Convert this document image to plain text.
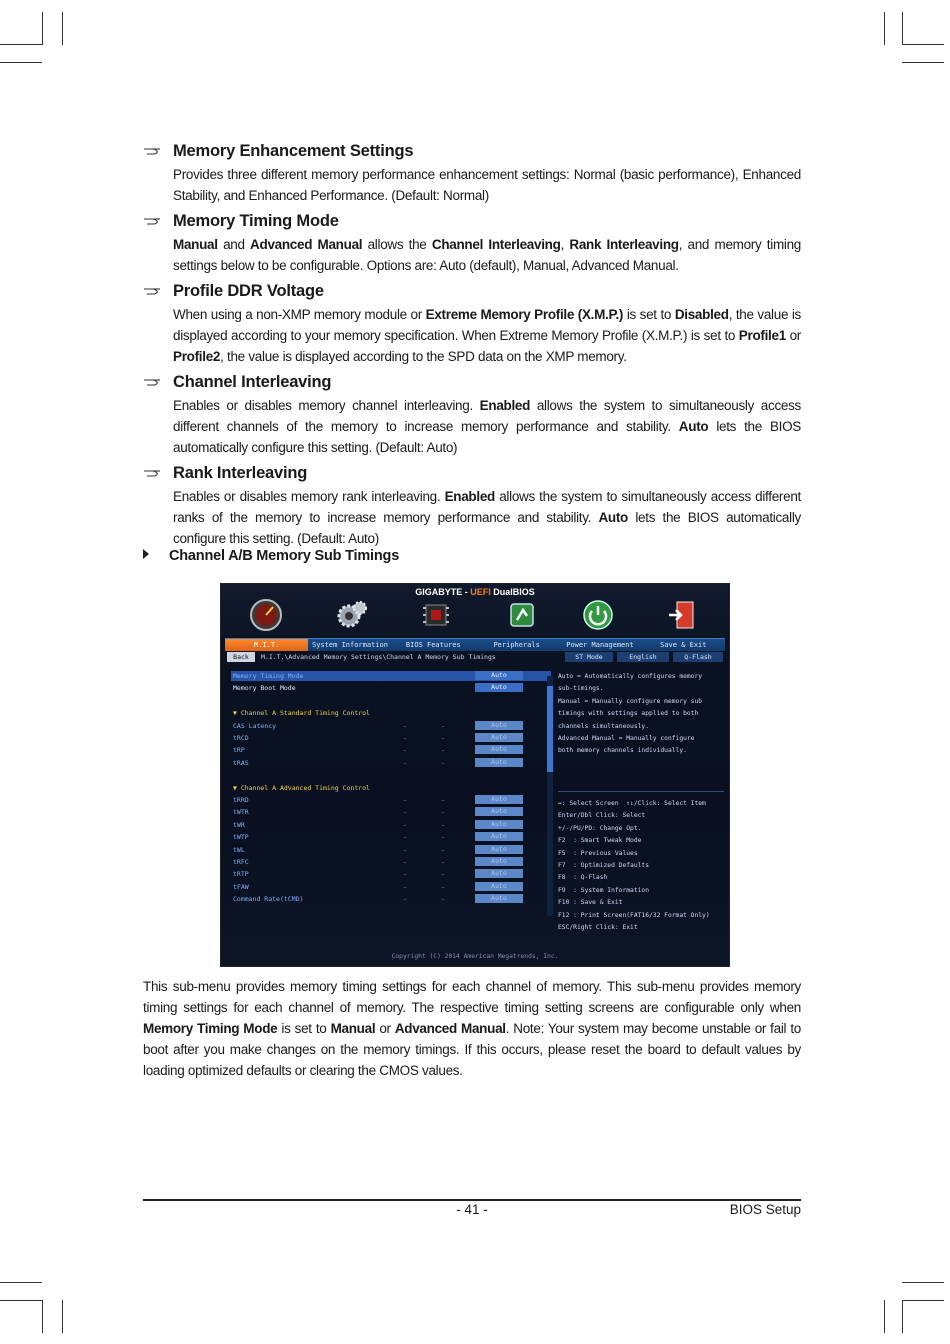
Memory Enhancement Settings
Provides three different memory performance enhancement settings: Normal (basic performance), Enhanced Stability, and Enhanced Performance. (Default: Normal)
Memory Timing Mode
Manual and Advanced Manual allows the Channel Interleaving, Rank Interleaving, and memory timing settings below to be configurable. Options are: Auto (default), Manual, Advanced Manual.
Profile DDR Voltage
When using a non-XMP memory module or Extreme Memory Profile (X.M.P.) is set to Disabled, the value is displayed according to your memory specification. When Extreme Memory Profile (X.M.P.) is set to Profile1 or Profile2, the value is displayed according to the SPD data on the XMP memory.
Channel Interleaving
Enables or disables memory channel interleaving. Enabled allows the system to simultaneously access different channels of the memory to increase memory performance and stability. Auto lets the BIOS automatically configure this setting. (Default: Auto)
Rank Interleaving
Enables or disables memory rank interleaving. Enabled allows the system to simultaneously access different ranks of the memory to increase memory performance and stability. Auto lets the BIOS automatically configure this setting. (Default: Auto)
Channel A/B Memory Sub Timings
GIGABYTE - UEFI DualBIOS
M.I.T.	System Information	BIOS Features	Peripherals	Power Management	Save & Exit
Back	M.I.T.\Advanced Memory Settings\Channel A Memory Sub Timings	ST Mode	English	Q-Flash
Memory Timing Mode	Auto
Memory Boot Mode	Auto
▼ Channel A Standard Timing Control
CAS Latency	-	-	Auto
tRCD	-	-	Auto
tRP	-	-	Auto
tRAS	-	-	Auto
▼ Channel A Advanced Timing Control
tRRD	-	-	Auto
tWTR	-	-	Auto
tWR	-	-	Auto
tWTP	-	-	Auto
tWL	-	-	Auto
tRFC	-	-	Auto
tRTP	-	-	Auto
tFAW	-	-	Auto
Command Rate(tCMD)	-	-	Auto
Auto = Automatically configures memory
sub-timings.
Manual = Manually configure memory sub
timings with settings applied to both
channels simultaneously.
Advanced Manual = Manually configure
both memory channels individually.
↔: Select Screen  ↑↓/Click: Select Item
Enter/Dbl Click: Select
+/-/PU/PD: Change Opt.
F2  : Smart Tweak Mode
F5  : Previous Values
F7  : Optimized Defaults
F8  : Q-Flash
F9  : System Information
F10 : Save & Exit
F12 : Print Screen(FAT16/32 Format Only)
ESC/Right Click: Exit
Copyright (C) 2014 American Megatrends, Inc.
This sub-menu provides memory timing settings for each channel of memory. This sub-menu provides memory timing settings for each channel of memory. The respective timing setting screens are configurable only when Memory Timing Mode is set to Manual or Advanced Manual. Note: Your system may become unstable or fail to boot after you make changes on the memory timings. If this occurs, please reset the board to default values by loading optimized defaults or clearing the CMOS values.
- 41 -	BIOS Setup
